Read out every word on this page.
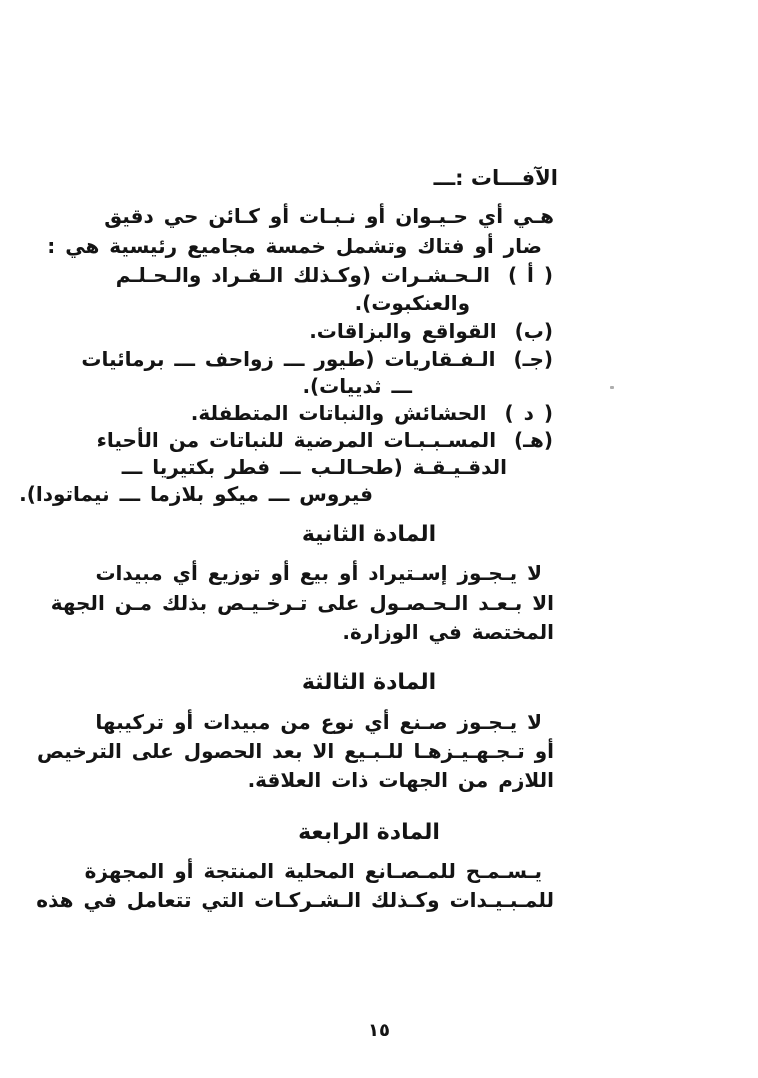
الآفـــات :ـــ
هـي أي حـيـوان أو نـبـات أو كـائن حي دقيق
ضار أو فتاك وتشمل خمسة مجاميع رئيسية هي :
( أ ) الـحـشـرات (وكـذلك الـقـراد والـحـلـم
والعنكبوت).
(ب) القواقع والبزاقات.
(جـ) الـفـقاريات (طيور ـــ زواحف ـــ برمائيات
ـــ ثدييات).
( د ) الحشائش والنباتات المتطفلة.
(هـ) المسـبـبـات المرضية للنباتات من الأحياء
الدقـيـقـة (طحـالـب ـــ فطر بكتيريا ـــ
فيروس ـــ ميكو بلازما ـــ نيماتودا).
المادة الثانية
لا يـجـوز إسـتيراد أو بيع أو توزيع أي مبيدات
الا بـعـد الـحـصـول على تـرخـيـص بذلك مـن الجهة
المختصة في الوزارة.
المادة الثالثة
لا يـجـوز صـنع أي نوع من مبيدات أو تركيبها
أو تـجـهـيـزهـا للـبـيع الا بعد الحصول على الترخيص
اللازم من الجهات ذات العلاقة.
المادة الرابعة
يـسـمـح للمـصـانع المحلية المنتجة أو المجهزة
للمـبـيـدات وكـذلك الـشـركـات التي تتعامل في هذه
١٥
